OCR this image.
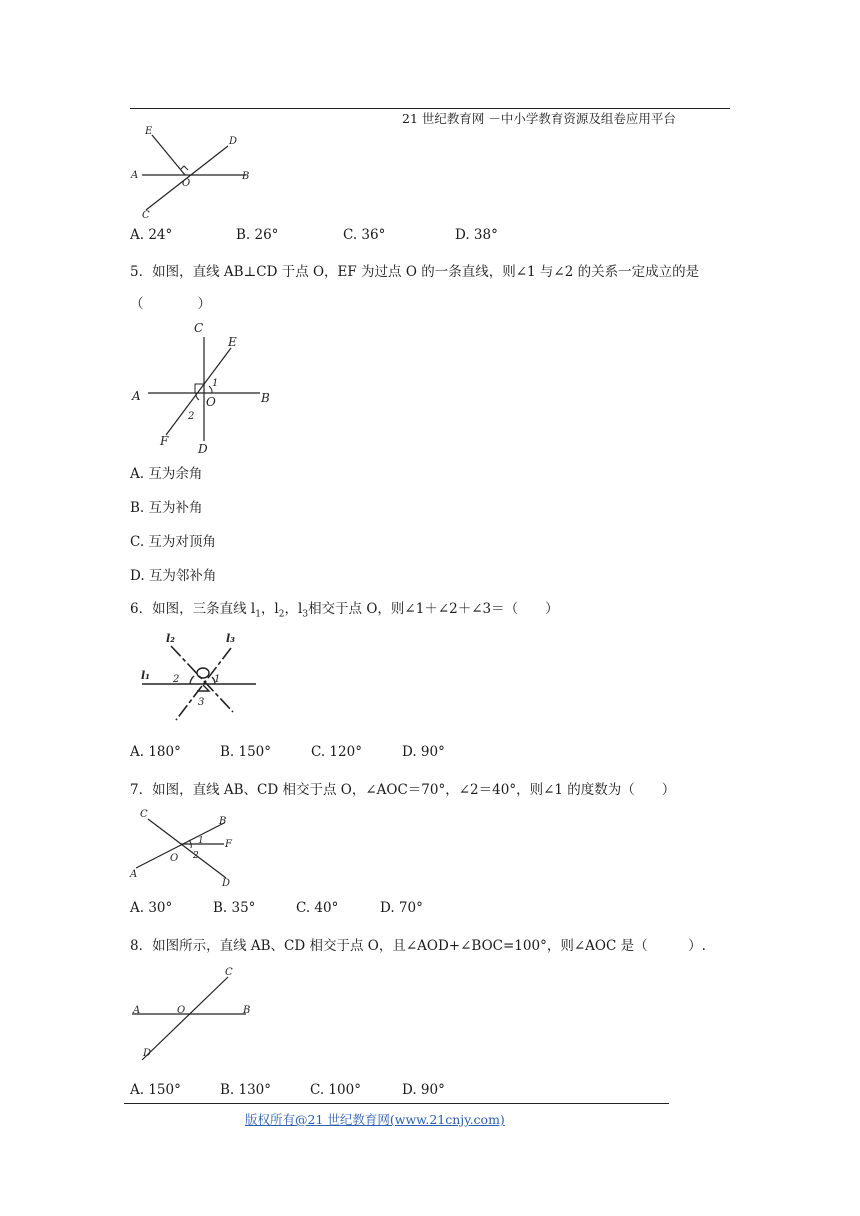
21 世纪教育网 －中小学教育资源及组卷应用平台
E
D
A
O
B
C
A. 24°	B. 26°	C. 36°	D. 38°
5．如图，直线 AB⊥CD 于点 O，EF 为过点 O 的一条直线，则∠1 与∠2 的关系一定成立的是
（　　　　）
C
E
A	O	B
F
D
1
2
A. 互为余角
B. 互为补角
C. 互为对顶角
D. 互为邻补角
6．如图，三条直线 $l_1$，$l_2$，$l_3$相交于点 O，则∠1＋∠2＋∠3＝（　　）
l₂	l₃
l₁	1
2
3
A. 180°	B. 150°	C. 120°	D. 90°
7．如图，直线 AB、CD 相交于点 O，∠AOC＝70°，∠2＝40°，则∠1 的度数为（　　）
C
B
F
O
A
D
1
2
A. 30°	B. 35°	C. 40°	D. 70°
8．如图所示，直线 AB、CD 相交于点 O，且∠AOD+∠BOC=100°，则∠AOC 是（　　　）.
C
A	O	B
D
A. 150°	B. 130°	C. 100°	D. 90°
版权所有@21 世纪教育网(www.21cnjy.com)
